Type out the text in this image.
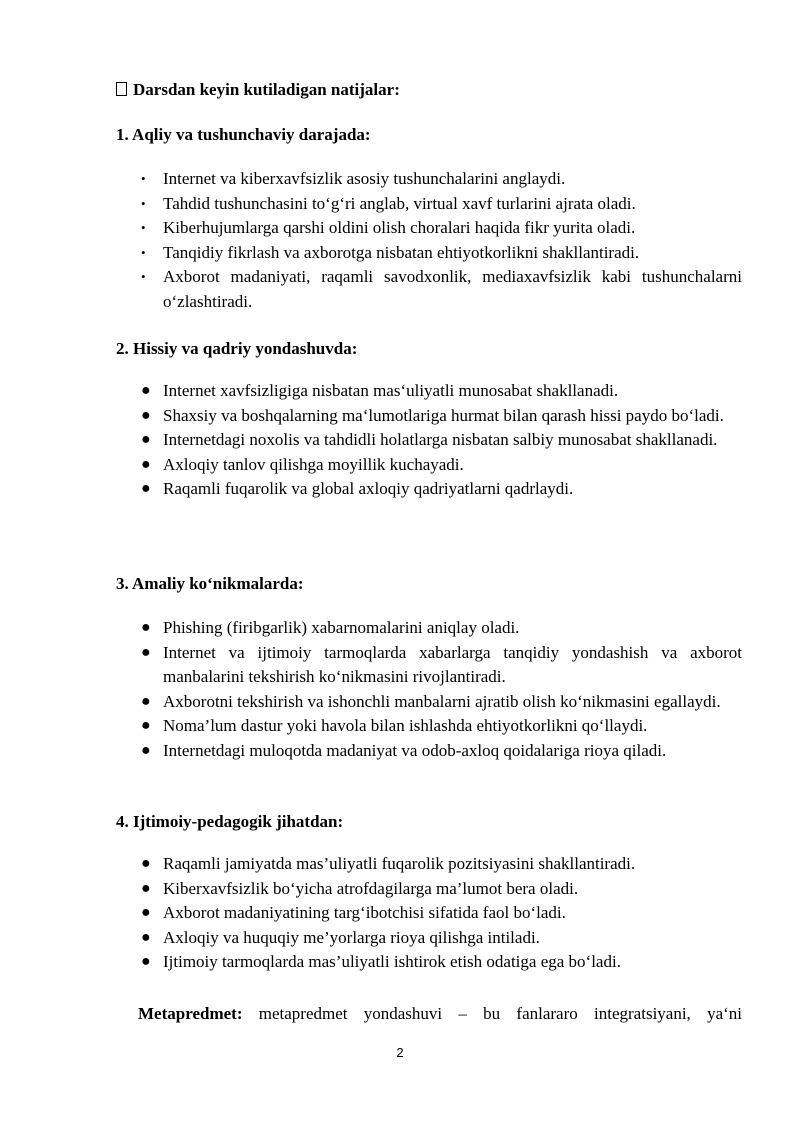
Darsdan keyin kutiladigan natijalar:
1. Aqliy va tushunchaviy darajada:
• Internet va kiberxavfsizlik asosiy tushunchalarini anglaydi.
• Tahdid tushunchasini to‘g‘ri anglab, virtual xavf turlarini ajrata oladi.
• Kiberhujumlarga qarshi oldini olish choralari haqida fikr yurita oladi.
• Tanqidiy fikrlash va axborotga nisbatan ehtiyotkorlikni shakllantiradi.
• Axborot madaniyati, raqamli savodxonlik, mediaxavfsizlik kabi tushunchalarni o‘zlashtiradi.
2. Hissiy va qadriy yondashuvda:
● Internet xavfsizligiga nisbatan mas‘uliyatli munosabat shakllanadi.
● Shaxsiy va boshqalarning ma‘lumotlariga hurmat bilan qarash hissi paydo bo‘ladi.
● Internetdagi noxolis va tahdidli holatlarga nisbatan salbiy munosabat shakllanadi.
● Axloqiy tanlov qilishga moyillik kuchayadi.
● Raqamli fuqarolik va global axloqiy qadriyatlarni qadrlaydi.
3. Amaliy ko‘nikmalarda:
● Phishing (firibgarlik) xabarnomalarini aniqlay oladi.
● Internet va ijtimoiy tarmoqlarda xabarlarga tanqidiy yondashish va axborot manbalarini tekshirish ko‘nikmasini rivojlantiradi.
● Axborotni tekshirish va ishonchli manbalarni ajratib olish ko‘nikmasini egallaydi.
● Noma’lum dastur yoki havola bilan ishlashda ehtiyotkorlikni qo‘llaydi.
● Internetdagi muloqotda madaniyat va odob-axloq qoidalariga rioya qiladi.
4. Ijtimoiy-pedagogik jihatdan:
● Raqamli jamiyatda mas’uliyatli fuqarolik pozitsiyasini shakllantiradi.
● Kiberxavfsizlik bo‘yicha atrofdagilarga ma’lumot bera oladi.
● Axborot madaniyatining targ‘ibotchisi sifatida faol bo‘ladi.
● Axloqiy va huquqiy me’yorlarga rioya qilishga intiladi.
● Ijtimoiy tarmoqlarda mas’uliyatli ishtirok etish odatiga ega bo‘ladi.
Metapredmet: metapredmet yondashuvi – bu fanlararo integratsiyani, ya‘ni
2
